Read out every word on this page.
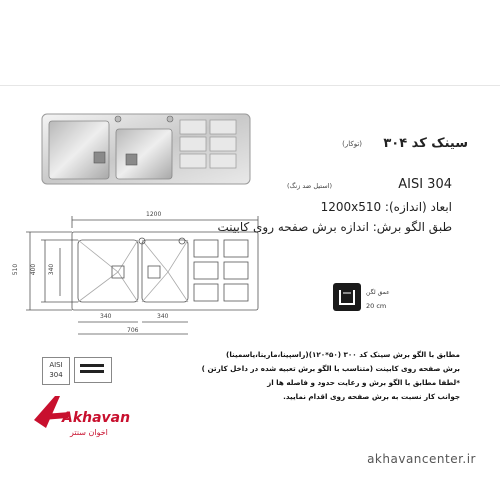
1200
510 400 340
340	340
706
سینک کد ۳۰۴
(توکار)
AISI 304
(استیل ضد زنگ)
1200x510 :ابعاد (اندازه)
طبق الگو برش: اندازه برش صفحه روی کابینت
عمق لگن
20 cm
مطابق با الگو برش سینک کد ۳۰۰ (۵۰*۱۲۰)(راسپینا،مارینا،یاسمینا)
برش صفحه روی کابینت (متناسب با الگو برش تعبیه شده در داخل کارتن )
*لطفا مطابق با الگو برش و رعایت حدود و فاصله ها از
جوانب کار نسبت به برش صفحه روی اقدام نمایید.
AISI
304
Akhavan
اخوان سنتر
akhavancenter.ir
